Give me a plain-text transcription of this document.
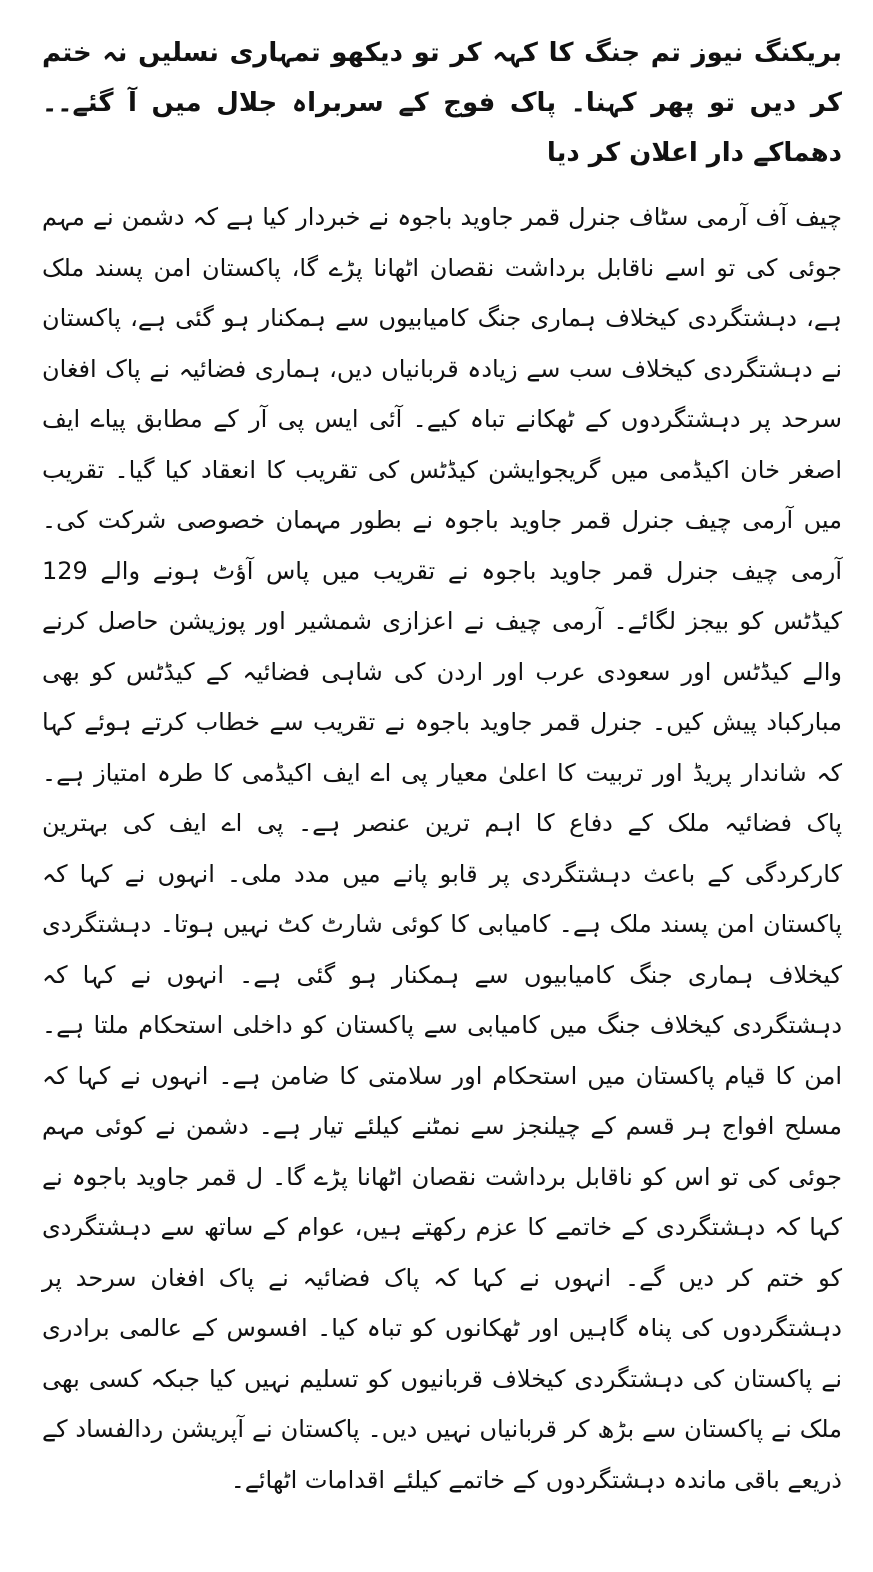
بریکنگ نیوز تم جنگ کا کہہ کر تو دیکھو تمہاری نسلیں نہ ختم کر دیں تو پھر کہنا۔ پاک فوج کے سربراہ جلال میں آ گئے۔۔ دھماکے دار اعلان کر دیا

چیف آف آرمی سٹاف جنرل قمر جاوید باجوہ نے خبردار کیا ہے کہ دشمن نے مہم جوئی کی تو اسے ناقابل برداشت نقصان اٹھانا پڑے گا، پاکستان امن پسند ملک ہے، دہشتگردی کیخلاف ہماری جنگ کامیابیوں سے ہمکنار ہو گئی ہے، پاکستان نے دہشتگردی کیخلاف سب سے زیادہ قربانیاں دیں، ہماری فضائیہ نے پاک افغان سرحد پر دہشتگردوں کے ٹھکانے تباہ کیے۔ آئی ایس پی آر کے مطابق پیاے ایف اصغر خان اکیڈمی میں گریجوایشن کیڈٹس کی تقریب کا انعقاد کیا گیا۔ تقریب میں آرمی چیف جنرل قمر جاوید باجوہ نے بطور مہمان خصوصی شرکت کی۔ آرمی چیف جنرل قمر جاوید باجوہ نے تقریب میں پاس آؤٹ ہونے والے 129 کیڈٹس کو بیجز لگائے۔ آرمی چیف نے اعزازی شمشیر اور پوزیشن حاصل کرنے والے کیڈٹس اور سعودی عرب اور اردن کی شاہی فضائیہ کے کیڈٹس کو بھی مبارکباد پیش کیں۔ جنرل قمر جاوید باجوہ نے تقریب سے خطاب کرتے ہوئے کہا کہ شاندار پریڈ اور تربیت کا اعلیٰ معیار پی اے ایف اکیڈمی کا طرہ امتیاز ہے۔ پاک فضائیہ ملک کے دفاع کا اہم ترین عنصر ہے۔ پی اے ایف کی بہترین کارکردگی کے باعث دہشتگردی پر قابو پانے میں مدد ملی۔ انہوں نے کہا کہ پاکستان امن پسند ملک ہے۔ کامیابی کا کوئی شارٹ کٹ نہیں ہوتا۔ دہشتگردی کیخلاف ہماری جنگ کامیابیوں سے ہمکنار ہو گئی ہے۔ انہوں نے کہا کہ دہشتگردی کیخلاف جنگ میں کامیابی سے پاکستان کو داخلی استحکام ملتا ہے۔ امن کا قیام پاکستان میں استحکام اور سلامتی کا ضامن ہے۔ انہوں نے کہا کہ مسلح افواج ہر قسم کے چیلنجز سے نمٹنے کیلئے تیار ہے۔ دشمن نے کوئی مہم جوئی کی تو اس کو ناقابل برداشت نقصان اٹھانا پڑے گا۔ ل قمر جاوید باجوہ نے کہا کہ دہشتگردی کے خاتمے کا عزم رکھتے ہیں، عوام کے ساتھ سے دہشتگردی کو ختم کر دیں گے۔ انہوں نے کہا کہ پاک فضائیہ نے پاک افغان سرحد پر دہشتگردوں کی پناہ گاہیں اور ٹھکانوں کو تباہ کیا۔ افسوس کے عالمی برادری نے پاکستان کی دہشتگردی کیخلاف قربانیوں کو تسلیم نہیں کیا جبکہ کسی بھی ملک نے پاکستان سے بڑھ کر قربانیاں نہیں دیں۔ پاکستان نے آپریشن ردالفساد کے ذریعے باقی ماندہ دہشتگردوں کے خاتمے کیلئے اقدامات اٹھائے۔
